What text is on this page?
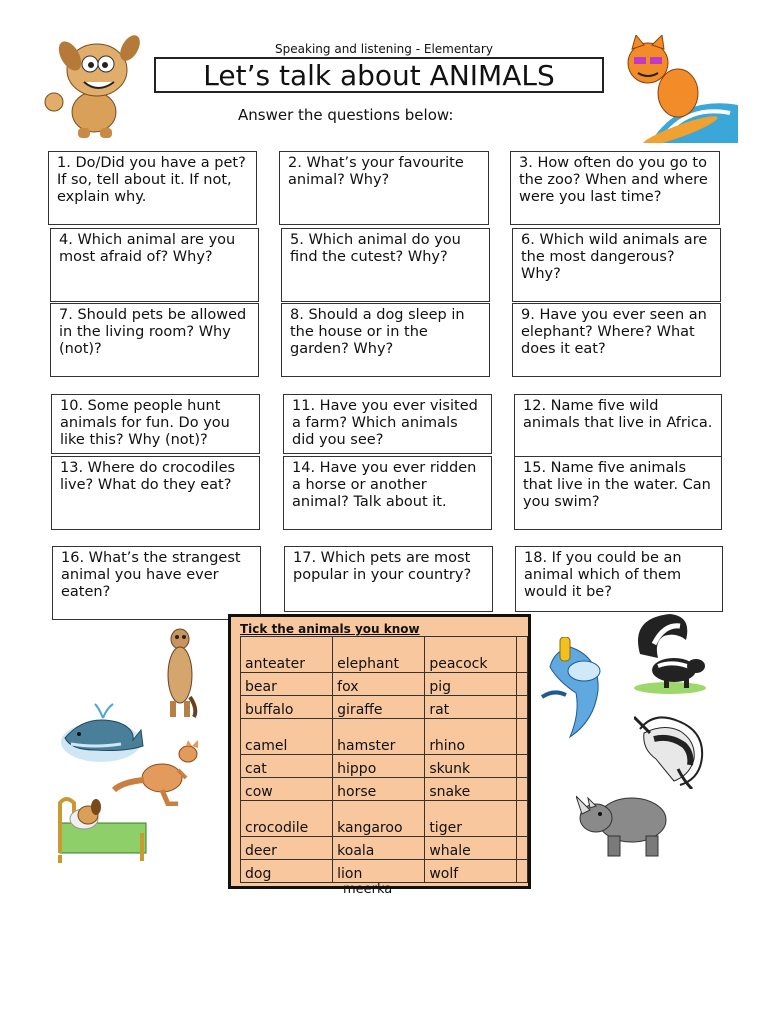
Speaking and listening - Elementary
Let’s talk about ANIMALS
Answer the questions below:
1. Do/Did you have a pet? If so, tell about it. If not, explain why.
2. What’s your favourite animal? Why?
3. How often do you go to the zoo? When and where were you last time?
4. Which animal are you most afraid of? Why?
5. Which animal do you find the cutest? Why?
6. Which wild animals are the most dangerous? Why?
7. Should pets be allowed in the living room? Why (not)?
8. Should a dog sleep in the house or in the garden? Why?
9. Have you ever seen an elephant? Where? What does it eat?
10. Some people hunt animals for fun. Do you like this? Why (not)?
11. Have you ever visited a farm? Which animals did you see?
12. Name five wild animals that live in Africa.
13. Where do crocodiles live? What do they eat?
14. Have you ever ridden a horse or another animal? Talk about it.
15. Name five animals that live in the water. Can you swim?
16. What’s the strangest animal you have ever eaten?
17. Which pets are most popular in your country?
18. If you could be an animal which of them would it be?
Tick the animals you know
anteater	elephant	peacock	
bear	fox	pig	
buffalo	giraffe	rat	
camel	hamster	rhino	
cat	hippo	skunk	
cow	horse	snake	
crocodile	kangaroo	tiger	
deer	koala	whale	
dog	lion	wolf	
meerka
